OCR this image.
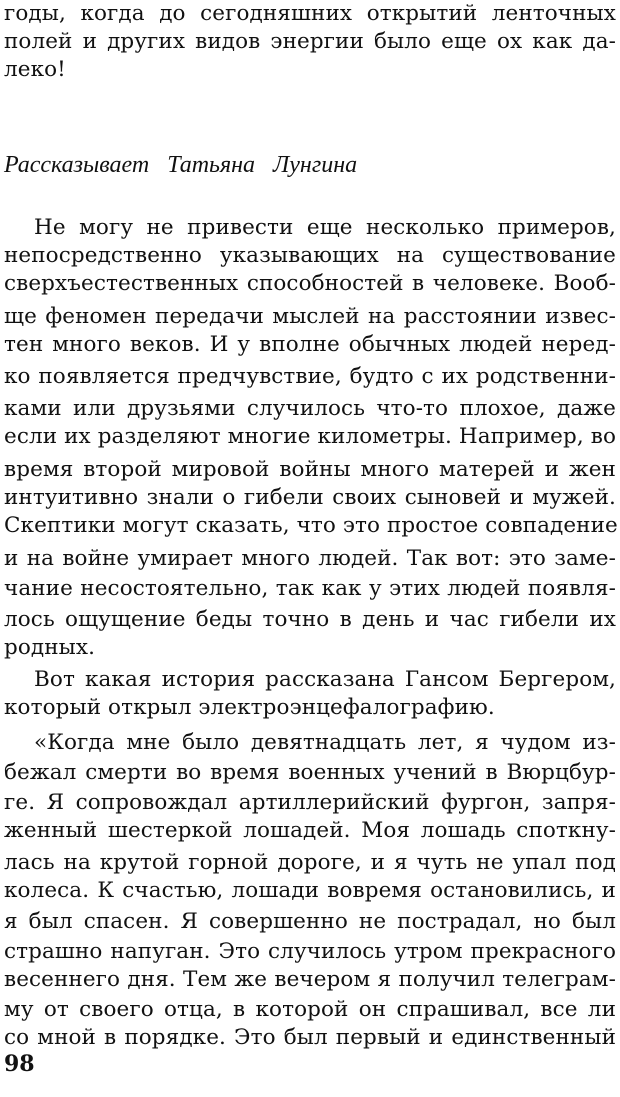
годы, когда до сегодняшних открытий ленточных
полей и других видов энергии было еще ох как да-
леко!
Рассказывает Татьяна Лунгина
Не могу не привести еще несколько примеров,
непосредственно указывающих на существование
сверхъестественных способностей в человеке. Вооб-
ще феномен передачи мыслей на расстоянии извес-
тен много веков. И у вполне обычных людей неред-
ко появляется предчувствие, будто с их родственни-
ками или друзьями случилось что-то плохое, даже
если их разделяют многие километры. Например, во
время второй мировой войны много матерей и жен
интуитивно знали о гибели своих сыновей и мужей.
Скептики могут сказать, что это простое совпадение
и на войне умирает много людей. Так вот: это заме-
чание несостоятельно, так как у этих людей появля-
лось ощущение беды точно в день и час гибели их
родных.
Вот какая история рассказана Гансом Бергером,
который открыл электроэнцефалографию.
«Когда мне было девятнадцать лет, я чудом из-
бежал смерти во время военных учений в Вюрцбур-
ге. Я сопровождал артиллерийский фургон, запря-
женный шестеркой лошадей. Моя лошадь споткну-
лась на крутой горной дороге, и я чуть не упал под
колеса. К счастью, лошади вовремя остановились, и
я был спасен. Я совершенно не пострадал, но был
страшно напуган. Это случилось утром прекрасного
весеннего дня. Тем же вечером я получил телеграм-
му от своего отца, в которой он спрашивал, все ли
со мной в порядке. Это был первый и единственный
98
